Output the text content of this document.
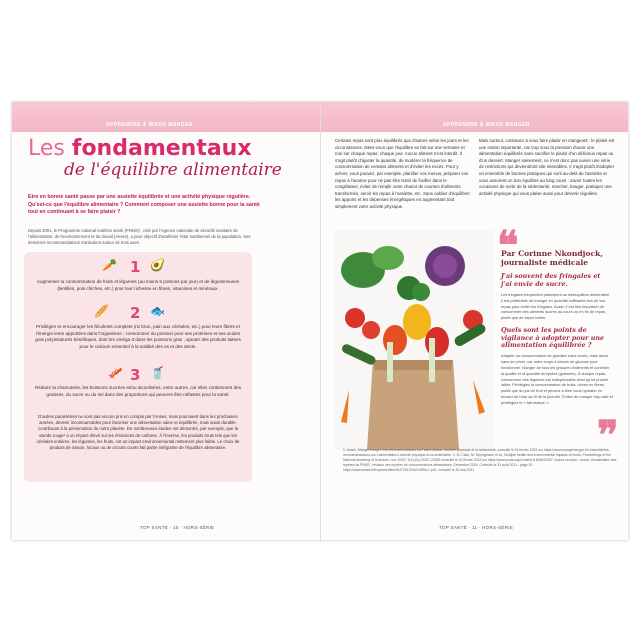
APPRENDRE À MIEUX MANGER
Les fondamentaux
de l'équilibre alimentaire
Etre en bonne santé passe par une assiette équilibrée et une activité physique régulière. Qu'est-ce que l'équilibre alimentaire ? Comment composer une assiette bonne pour la santé tout en continuant à se faire plaisir ?
Depuis 2001, le Programme national nutrition santé (PNNS)¹, créé par l'Agence nationale de sécurité sanitaire de l'alimentation, de l'environnement et du travail (Anses), a pour objectif d'améliorer l'état nutritionnel de la population. Ses dernières recommandations s'articulent autour de trois axes.
🥕 1 🥑
Augmenter la consommation de fruits et légumes (au moins 5 portions par jour) et de légumineuses (lentilles, pois chiches, etc.) pour leur richesse en fibres, vitamines et minéraux.
🥖 2 🐟
Privilégier et encourager les féculents complets (riz brun, pain aux céréales, etc.) pour leurs fibres et l'énergie lente apportées dans l'organisme ; consommer du poisson pour ses protéines et ses acides gras polyinsaturés bénéfiques, dont les oméga-3 dans les poissons gras ; ajouter des produits laitiers pour le calcium essentiel à la solidité des os et des dents.
🥓 3 🥤
Réduire la charcuterie, les boissons sucrées et/ou alcoolisées, entre autres, car elles contiennent des graisses, du sucre ou du sel dans des proportions qui peuvent être néfastes pour la santé.
D'autres paramètres ne sont pas encore pris en compte par l'Anses, mais pourraient dans les prochaines années, devenir incontournables pour favoriser une alimentation saine et équilibrée, mais aussi durable, contribuant à la préservation de notre planète. De nombreuses études ont démontré, par exemple, que la viande rouge² a un impact élevé sur les émissions de carbone. À l'inverse, les produits bruts tels que les céréales entières, les légumes, les fruits, ont un impact environnemental nettement plus faible. Le choix de produits de saison, locaux ou de circuits courts fait partie intégrante de l'équilibre alimentaire.
TOP SANTÉ · 10 · HORS-SÉRIE
APPRENDRE À MIEUX MANGER
Certains repas sont plus équilibrés que d'autres selon les jours et les circonstances. Dites-vous que l'équilibre se fait sur une semaine et non sur chaque repas, chaque jour. Aucun aliment n'est interdit. Il s'agit plutôt d'ajuster la quantité, de modérer la fréquence de consommation de certains aliments et d'éviter les excès. Pour y arriver, vous pouvez, par exemple, planifier vos menus, préparer vos repas à l'avance pour ne pas être tenté de fouiller dans le congélateur, éviter de remplir votre chariot de courses d'aliments transformés, servir les repas à l'assiette, etc. Sans oublier d'équilibrer les apports et les dépenses énergétiques en augmentant tout simplement votre activité physique.
Mais surtout, continuez à vous faire plaisir en mangeant : le plaisir est une notion importante, car trop sous la pression d'avoir une alimentation équilibrée sans sacrifier le plaisir d'un délicieux repas ou d'un dessert. Manger sainement, ce n'est donc pas suivre une série de restrictions qui deviendront vite intenables. Il s'agit plutôt d'adopter un ensemble de bonnes pratiques qui sont au-delà de l'assiette et vous assurent un bon équilibre au long cours : savoir toutes les occasions de sortir de la sédentarité, marcher, bouger, pratiquer une activité physique qui vous plaise aussi pour devenir régulière.
❝
Par Corinne Nkondjock, journaliste médicale
J'ai souvent des fringales et j'ai envie de sucre.
Les fringales fréquentes participent au déséquilibre alimentaire. Il est préférable de manger en quantité suffisante lors de vos repas pour éviter les fringales. Aussi, il est très important de consommer des aliments sucrés au cours ou en fin de repas, plutôt que de façon isolée.
Quels sont les points de vigilance à adopter pour une alimentation équilibrée ?
Adapter sa consommation de glucides sans excès, mais aussi sans se priver, car notre corps a besoin de glucose pour fonctionner. Manger de tous les groupes d'aliments et contrôler la qualité et la quantité de lipides (graisses). À chaque repas, consommer des légumes est indispensable ainsi qu'un produit laitier. Privilégiez la consommation de fruits, riches en fibres, plutôt que du jus de fruit et pensez à bien vous hydrater en buvant de l'eau au fil de la journée. Évitez de manger trop salé et privilégiez le « fait maison ».
❞
1. Anses, Manger bouger. Les recommandations sur l'alimentation, l'activité physique et la sédentarité, consulté le 01 février 2023 sur https://www.mangerbouger.fr/l-essentiel/les-recommandations-sur-l-alimentation-l-activite-physique-et-la-sedentarite. 2. M. Clark, M. Springmann et al., Multiple health and environmental impacts of foods, Proceedings of the National Academy of Sciences, nov. 2019, 116 (46) 23357-23362 consulté le 01 février 2023 sur https://www.pnas.org/content/116/46/23357. Autres sources : Anses, Actualisation des repères du PNNS : révision des repères de consommations alimentaires, Décembre 2016. Consulté le 31 août 2021 ; page 20 : https://www.anses.fr/fr/system/files/NUT2012SA0103Ra-1.pdf ; consulté le 30 mai 2021.
TOP SANTÉ · 11 · HORS-SÉRIE
